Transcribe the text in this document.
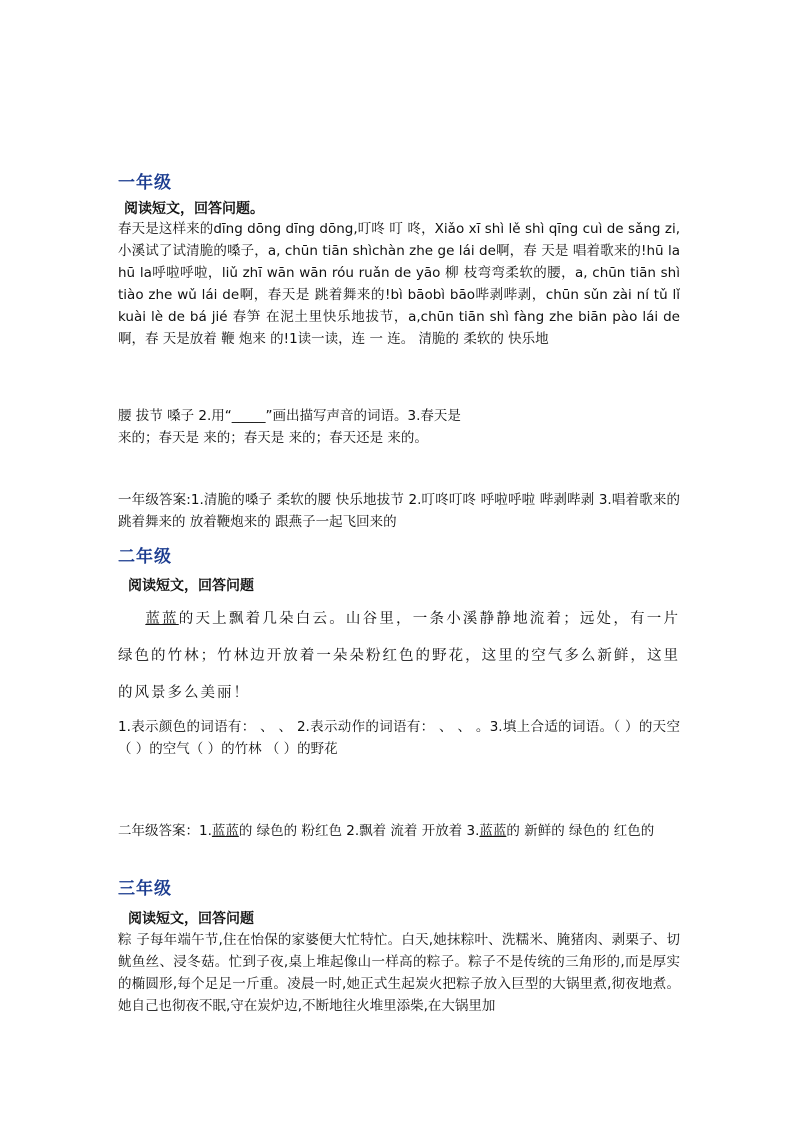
一年级
阅读短文，回答问题。
春天是这样来的dīng dōng dīng dōng,叮咚 叮 咚，Xiǎo xī shì lě shì qīng cuì de sǎng zi,小溪试了试清脆的嗓子，a, chūn tiān shìchàn zhe ge lái de啊，春 天是 唱着歌来的!hū la hū la呼啦呼啦，liǔ zhī wān wān róu ruǎn de yāo 柳 枝弯弯柔软的腰，a, chūn tiān shì tiào zhe wǔ lái de啊，春天是 跳着舞来的!bì bāobì bāo哔剥哔剥，chūn sǔn zài ní tǔ lǐ kuài lè de bá jié 春笋 在泥土里快乐地拔节，a,chūn tiān shì fàng zhe biān pào lái de啊，春 天是放着 鞭 炮来 的!1读一读，连 一 连。 清脆的 柔软的 快乐地
腰 拔节 嗓子 2.用“_____”画出描写声音的词语。3.春天是
来的；春天是 来的；春天是 来的；春天还是 来的。
一年级答案:1.清脆的嗓子 柔软的腰 快乐地拔节 2.叮咚叮咚 呼啦呼啦 哔剥哔剥 3.唱着歌来的 跳着舞来的 放着鞭炮来的 跟燕子一起飞回来的
二年级
阅读短文，回答问题
蓝蓝的天上飘着几朵白云。山谷里，一条小溪静静地流着；远处，有一片绿色的竹林；竹林边开放着一朵朵粉红色的野花，这里的空气多么新鲜，这里的风景多么美丽！
1.表示颜色的词语有： 、 、 2.表示动作的词语有： 、 、 。3.填上合适的词语。（ ）的天空 （ ）的空气（ ）的竹林 （ ）的野花
二年级答案：1.蓝蓝的 绿色的 粉红色 2.飘着 流着 开放着 3.蓝蓝的 新鲜的 绿色的 红色的
三年级
阅读短文，回答问题
粽 子每年端午节,住在怡保的家婆便大忙特忙。白天,她抹粽叶、洗糯米、腌猪肉、剥栗子、切鱿鱼丝、浸冬菇。忙到子夜,桌上堆起像山一样高的粽子。粽子不是传统的三角形的,而是厚实的椭圆形,每个足足一斤重。凌晨一时,她正式生起炭火把粽子放入巨型的大锅里煮,彻夜地煮。她自己也彻夜不眠,守在炭炉边,不断地往火堆里添柴,在大锅里加
